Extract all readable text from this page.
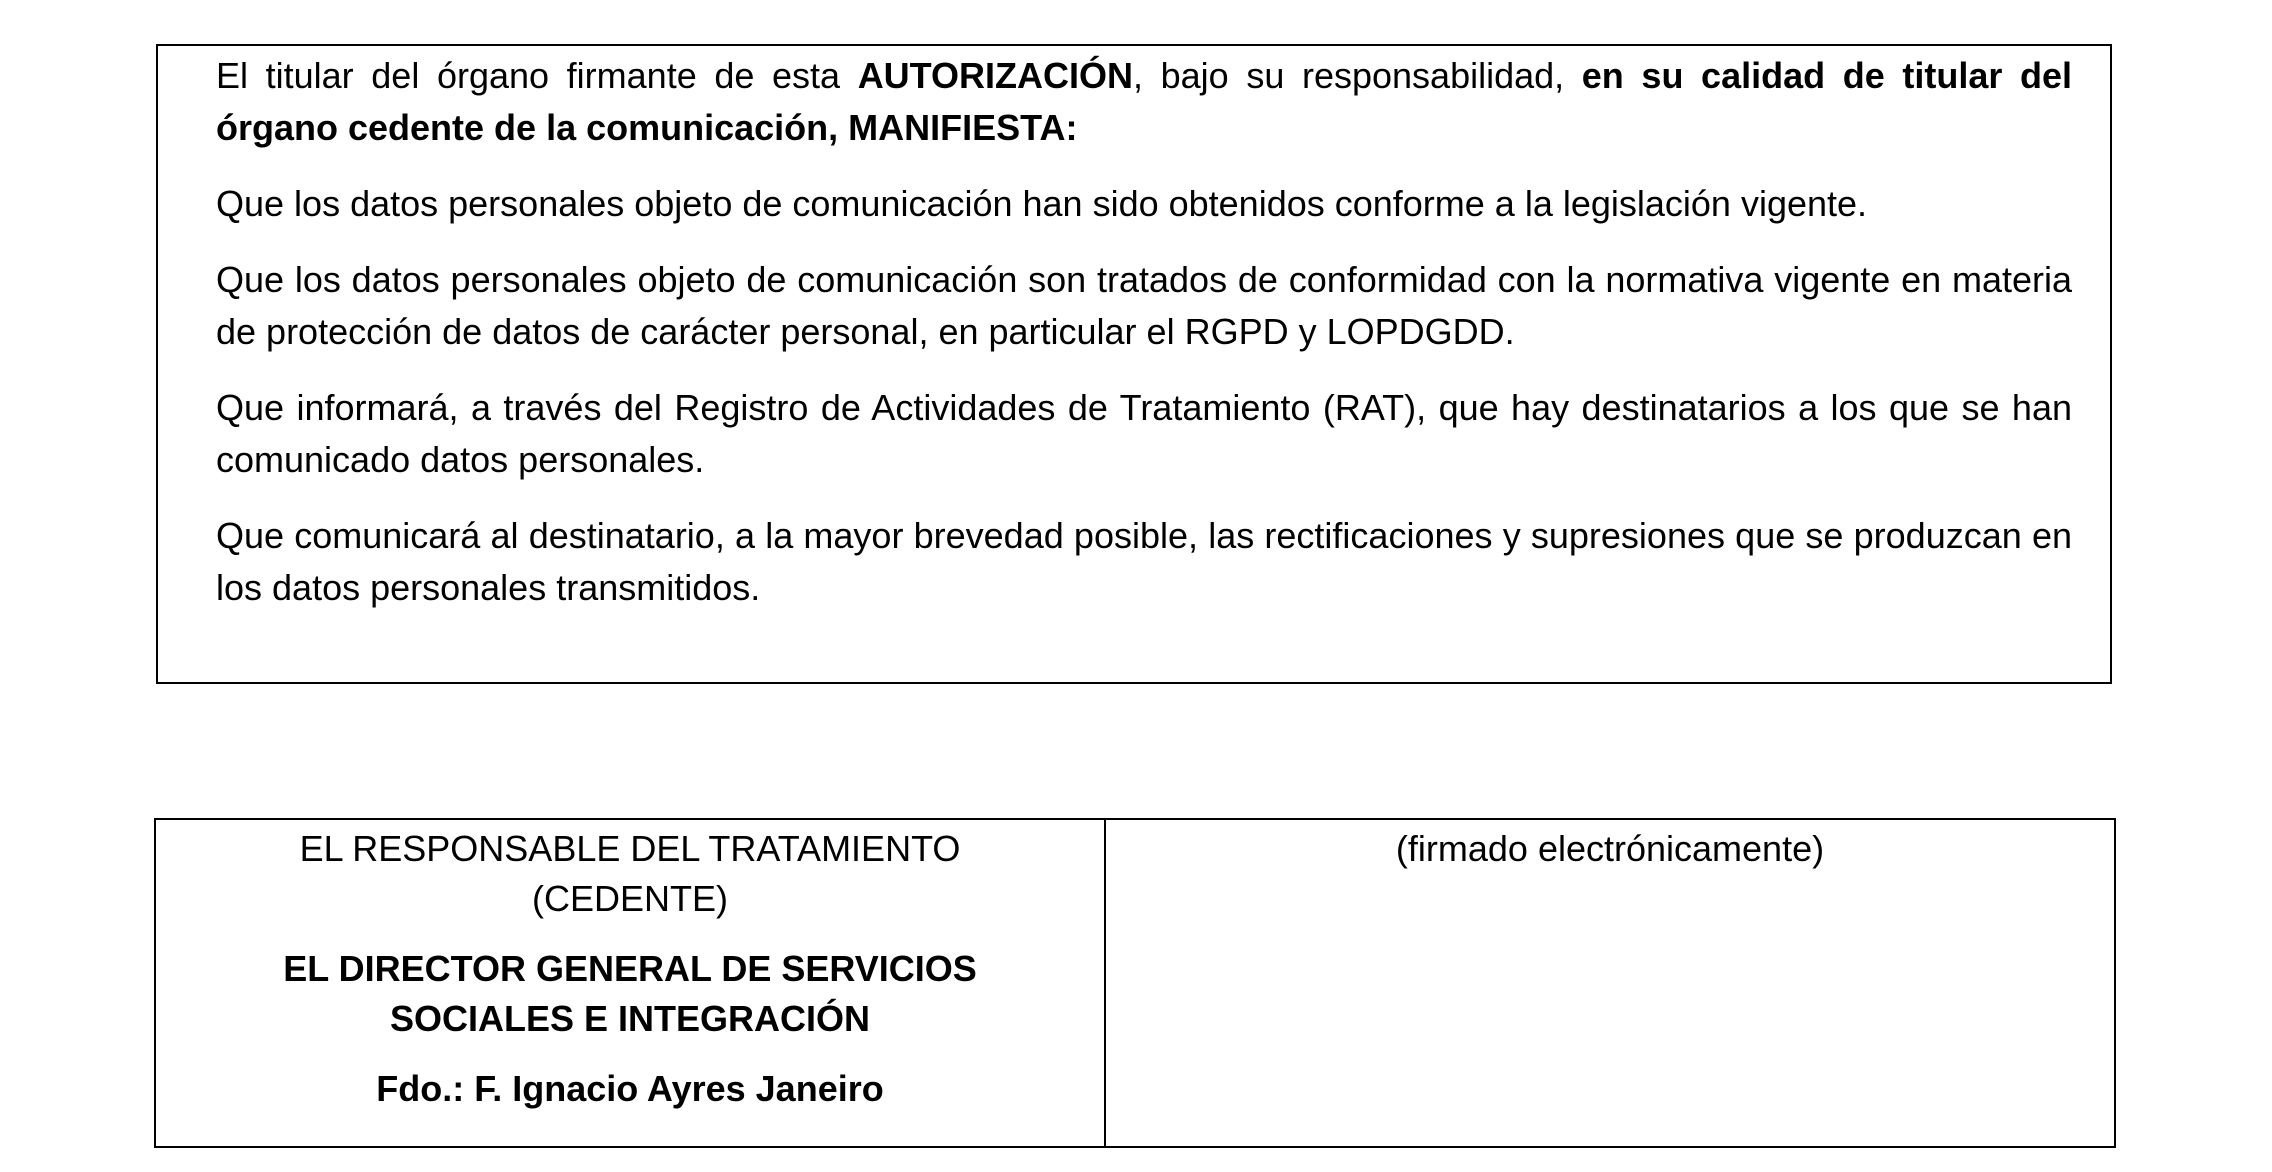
El titular del órgano firmante de esta AUTORIZACIÓN, bajo su responsabilidad, en su calidad de titular del órgano cedente de la comunicación, MANIFIESTA:

Que los datos personales objeto de comunicación han sido obtenidos conforme a la legislación vigente.

Que los datos personales objeto de comunicación son tratados de conformidad con la normativa vigente en materia de protección de datos de carácter personal, en particular el RGPD y LOPDGDD.

Que informará, a través del Registro de Actividades de Tratamiento (RAT), que hay destinatarios a los que se han comunicado datos personales.

Que comunicará al destinatario, a la mayor brevedad posible, las rectificaciones y supresiones que se produzcan en los datos personales transmitidos.

EL RESPONSABLE DEL TRATAMIENTO (CEDENTE)

EL DIRECTOR GENERAL DE SERVICIOS SOCIALES E INTEGRACIÓN

Fdo.: F. Ignacio Ayres Janeiro

(firmado electrónicamente)
